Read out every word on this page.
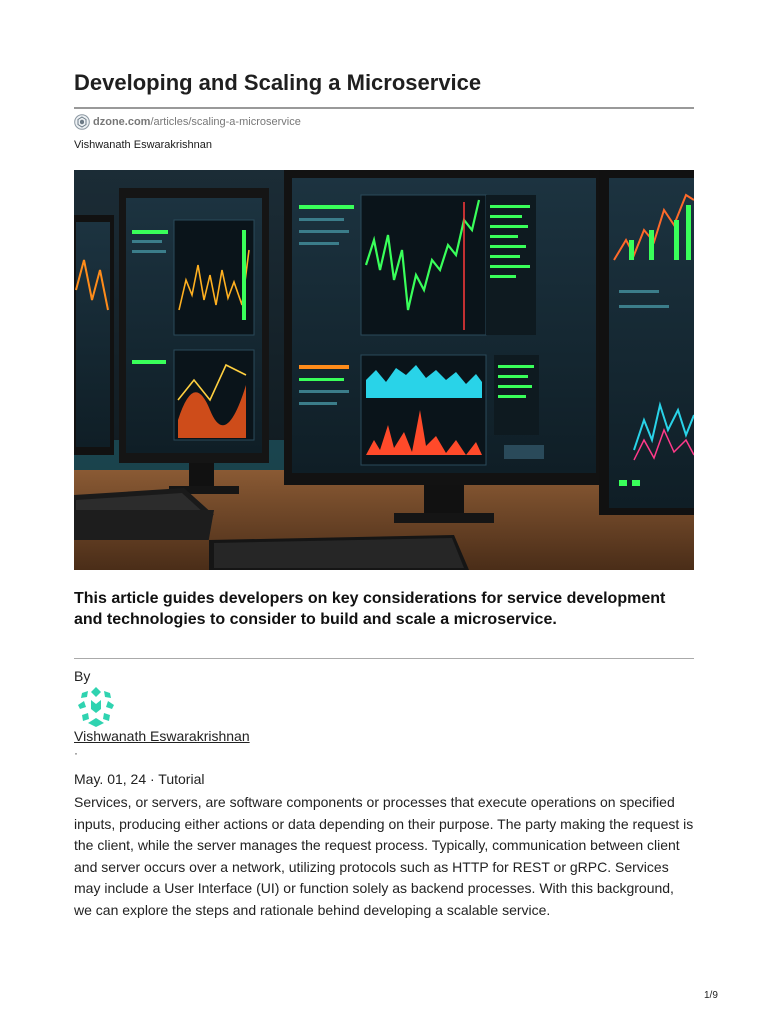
Developing and Scaling a Microservice
dzone.com /articles/scaling-a-microservice
Vishwanath Eswarakrishnan

This article guides developers on key considerations for service development and technologies to consider to build and scale a microservice.

By
Vishwanath Eswarakrishnan
·
May. 01, 24 · Tutorial

Services, or servers, are software components or processes that execute operations on specified inputs, producing either actions or data depending on their purpose. The party making the request is the client, while the server manages the request process. Typically, communication between client and server occurs over a network, utilizing protocols such as HTTP for REST or gRPC. Services may include a User Interface (UI) or function solely as backend processes. With this background, we can explore the steps and rationale behind developing a scalable service.

1/9
